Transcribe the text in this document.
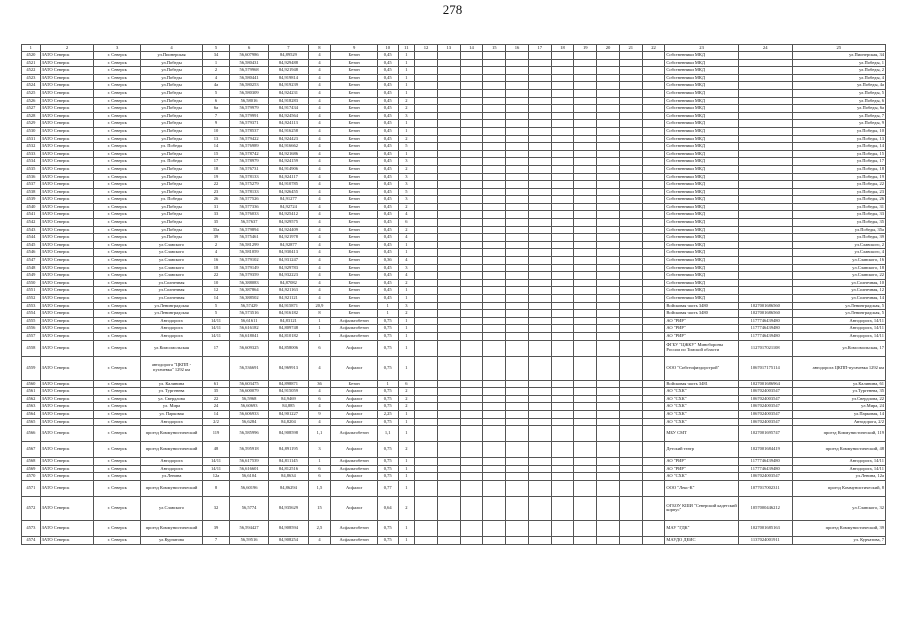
278
1	2	3	4	5	6	7	8	9	10	11	12	13	14	15	16	17	18	19	20	21	22	23	24	25
4520	ЗАТО Северск	г. Северск	ул.Пионерская	34	56,607986	84,89529	4	Бетон	0,45	1												Собственники МКД		ул.Пионерская, 34
4521	ЗАТО Северск	г. Северск	ул.Победы	1	56,580431	84,929488	4	Бетон	0,45	1												Собственники МКД		ул.Победы, 1
4522	ЗАТО Северск	г. Северск	ул.Победы	2	56,579968	84,921948	4	Бетон	0,45	1												Собственники МКД		ул.Победы, 2
4523	ЗАТО Северск	г. Северск	ул.Победы	4	56,580441	84,919814	4	Бетон	0,45	1												Собственники МКД		ул.Победы, 4
4524	ЗАТО Северск	г. Северск	ул.Победы	4а	56,580253	84,919239	4	Бетон	0,45	1												Собственники МКД		ул.Победы, 4а
4525	ЗАТО Северск	г. Северск	ул.Победы	5	56,580309	84,924231	4	Бетон	0,45	1												Собственники МКД		ул.Победы, 5
4526	ЗАТО Северск	г. Северск	ул.Победы	6	56,58016	84,918283	4	Бетон	0,45	2												Собственники МКД		ул.Победы, 6
4527	ЗАТО Северск	г. Северск	ул.Победы	6а	56,579979	84,917434	4	Бетон	0,45	2												Собственники МКД		ул.Победы, 6а
4528	ЗАТО Северск	г. Северск	ул.Победы	7	56,579991	84,924564	4	Бетон	0,45	3												Собственники МКД		ул.Победы, 7
4529	ЗАТО Северск	г. Северск	ул.Победы	9	56,579371	84,924113	4	Бетон	0,45	1												Собственники МКД		ул.Победы, 9
4530	ЗАТО Северск	г. Северск	ул.Победы	10	56,578537	84,916258	4	Бетон	0,45	1												Собственники МКД		ул.Победы, 10
4531	ЗАТО Северск	г. Северск	ул.Победы	13	56,579422	84,924423	4	Бетон	0,45	2												Собственники МКД		ул.Победы, 13
4532	ЗАТО Северск	г. Северск	ул. Победы	14	56,576989	84,916662	4	Бетон	0,45	5												Собственники МКД		ул.Победы, 14
4533	ЗАТО Северск	г. Северск	ул.Победы	15	56,578742	84,921686	4	Бетон	0,45	1												Собственники МКД		ул.Победы, 15
4534	ЗАТО Северск	г. Северск	ул. Победы	17	56,578979	84,924159	4	Бетон	0,45	3												Собственники МКД		ул.Победы, 17
4535	ЗАТО Северск	г. Северск	ул.Победы	18	56,576731	84,914906	4	Бетон	0,45	2												Собственники МКД		ул.Победы, 18
4536	ЗАТО Северск	г. Северск	ул.Победы	19	56,578133	84,924117	4	Бетон	0,45	3												Собственники МКД		ул.Победы, 19
4537	ЗАТО Северск	г. Северск	ул.Победы	22	56,575279	84,910785	4	Бетон	0,45	3												Собственники МКД		ул.Победы, 22
4538	ЗАТО Северск	г. Северск	ул.Победы	23	56,578133	84,926455	4	Бетон	0,45	5												Собственники МКД		ул.Победы, 23
4539	ЗАТО Северск	г. Северск	ул. Победы	26	56,577526	84,91277	4	Бетон	0,45	3												Собственники МКД		ул.Победы, 26
4540	ЗАТО Северск	г. Северск	ул.Победы	31	56,577336	84,92724	4	Бетон	0,45	2												Собственники МКД		ул.Победы, 31
4541	ЗАТО Северск	г. Северск	ул.Победы	33	56,576033	84,925412	4	Бетон	0,45	4												Собственники МКД		ул.Победы, 33
4542	ЗАТО Северск	г. Северск	ул.Победы	35	56,57637	84,929575	4	Бетон	0,45	6												Собственники МКД		ул.Победы, 35
4543	ЗАТО Северск	г. Северск	ул.Победы	35а	56,579894	84,924409	4	Бетон	0,45	2												Собственники МКД		ул.Победы, 35а
4544	ЗАТО Северск	г. Северск	ул.Победы	39	56,575461	84,921978	4	Бетон	0,45	4												Собственники МКД		ул.Победы, 39
4545	ЗАТО Северск	г. Северск	ул.Славского	2	56,581299	84,92877	4	Бетон	0,45	1												Собственники МКД		ул.Славского, 2
4546	ЗАТО Северск	г. Северск	ул.Славского	4	56,581059	84,930413	4	Бетон	0,45	1												Собственники МКД		ул.Славского, 4
4547	ЗАТО Северск	г. Северск	ул.Славского	16	56,579102	84,931247	4	Бетон	0,36	4												Собственники МКД		ул.Славского, 16
4548	ЗАТО Северск	г. Северск	ул.Славского	18	56,579149	84,929783	4	Бетон	0,45	3												Собственники МКД		ул.Славского, 18
4549	ЗАТО Северск	г. Северск	ул.Славского	22	56,579359	84,932223	4	Бетон	0,45	4												Собственники МКД		ул.Славского, 22
4550	ЗАТО Северск	г. Северск	ул.Солнечная	10	56,388083	84,87082	4	Бетон	0,45	2												Собственники МКД		ул.Солнечная, 10
4551	ЗАТО Северск	г. Северск	ул.Солнечная	12	56,387864	84,921163	4	Бетон	0,45	1												Собственники МКД		ул.Солнечная, 12
4552	ЗАТО Северск	г. Северск	ул.Солнечная	14	56,388502	84,921121	4	Бетон	0,45	1												Собственники МКД		ул.Солнечная, 14
4553	ЗАТО Северск	г. Северск	ул.Ленинградская	5	56,57429	84,915871	20,9	Бетон	1	3												Войсковая часть 3480	1027001686560	ул.Ленинградская, 5
4554	ЗАТО Северск	г. Северск	ул.Ленинградская	5	56,573516	84,916182	8	Бетон	1	2												Войсковая часть 3480	1027001686560	ул.Ленинградская, 5
4555	ЗАТО Северск	г. Северск	Автодорога	14/11	56,61611	84,83121	1	Асфальтобетон	0,75	1												АО "РИР"	1177746439480	Автодорога, 14/11
4556	ЗАТО Северск	г. Северск	Автодорога	14/11	56,616182	84,809748	1	Асфальтобетон	0,75	1												АО "РИР"	1177746439480	Автодорога, 14/11
4557	ЗАТО Северск	г. Северск	Автодорога	14/11	56,618041	84,810182	1	Асфальтобетон	0,75	1												АО "РИР"	1177746439480	Автодорога, 14/11
4558	ЗАТО Северск	г. Северск	ул.Комсомольская	17	56,609325	84,858006	6	Асфальт	0,75	1												ФГБУ "ЦЖКУ" Минобороны России по Томской области	1127017021108	ул.Комсомольская, 17
4559	ЗАТО Северск	г. Северск	автодорога "ЦКПП - пугачевка" 1292 км		56,536691	84,969913	4	Асфальт	0,75	1												ООО "Сибгеофиздорстрой"	1067017175114	автодорога ЦКПП-пугачевка 1292 км
4560	ЗАТО Северск	г. Северск	ул. Калинина	61	56,603475	84,898871	36	Бетон	1	6												Войсковая часть 3481	1027001686964	ул.Калинина, 61
4561	ЗАТО Северск	г. Северск	ул. Тургенева	35	56,600079	84,915059	4	Асфальт	0,75	2												АО "СХК"	1067024003547	ул.Тургенева, 35
4562	ЗАТО Северск	г. Северск	ул. Свердлова	22	56,5968	84,9469	6	Асфальт	0,75	2												АО "СХК"	1067024003547	ул.Свердлова, 22
4563	ЗАТО Северск	г. Северск	ул. Мира	24	56,60693	84,885	4	Асфальт	0,75	2												АО "СХК"	1067024003547	ул.Мира, 24
4564	ЗАТО Северск	г. Северск	ул. Парковая	14	56,606933	84,901227	9	Асфальт	2,25	1												АО "СХК"	1067024003547	ул.Парковая, 14
4565	ЗАТО Северск	г. Северск	Автодорога	2/2	56,6284	84,8204	4	Асфальт	0,75	1												АО "СХК"	1067024003547	Автодорога, 2/2
4566	ЗАТО Северск	г. Северск	проезд Коммунистический	119	56,585996	84,908598	1,1	Асфальтобетон	1,1	1												МБУ СМТ	1027001695747	проезд Коммунистический, 119
4567	ЗАТО Северск	г. Северск	проезд Коммунистический	48	56,595918	84,891195	3	Асфальт	0,75	2												Детский театр	1027001684419	проезд Коммунистический, 48
4568	ЗАТО Северск	г. Северск	Автодорога	14/11	56,617539	84,811145	1	Асфальтобетон	0,75	1												АО "РИР"	1177746439480	Автодорога, 14/11
4569	ЗАТО Северск	г. Северск	Автодорога	14/11	56,616601	84,812516	6	Асфальтобетон	0,75	1												АО "РИР"	1177746439480	Автодорога, 14/11
4570	ЗАТО Северск	г. Северск	ул.Ленина	12а	56,6104	84,8634	6	Асфальт	0,75	1												АО "СХК"	1067024003547	ул.Ленина, 12а
4571	ЗАТО Северск	г. Северск	проезд Коммунистический	8	56,60196	84,86294	1,5	Асфальт	0,77	1												ООО "Лекс-К"	1077017002311	проезд Коммунистический, 8
4572	ЗАТО Северск	г. Северск	ул.Славского	32	56,5774	84,935629	15	Асфальт	0,64	2												ОГБОУ КШИ "Северский кадетский корпус"	1057000446212	ул.Славского, 32
4573	ЗАТО Северск	г. Северск	проезд Коммунистический	39	56,594427	84,908594	2,5	Асфальтобетон	0,75	1												МАУ "ГДК"	1027001685163	проезд Коммунистический, 39
4574	ЗАТО Северск	г. Северск	ул.Курчатова	7	56,59516	84,908254	4	Асфальтобетон	0,75	1												МАУДО ДЕИС	1137024001911	ул. Курчатова, 7
